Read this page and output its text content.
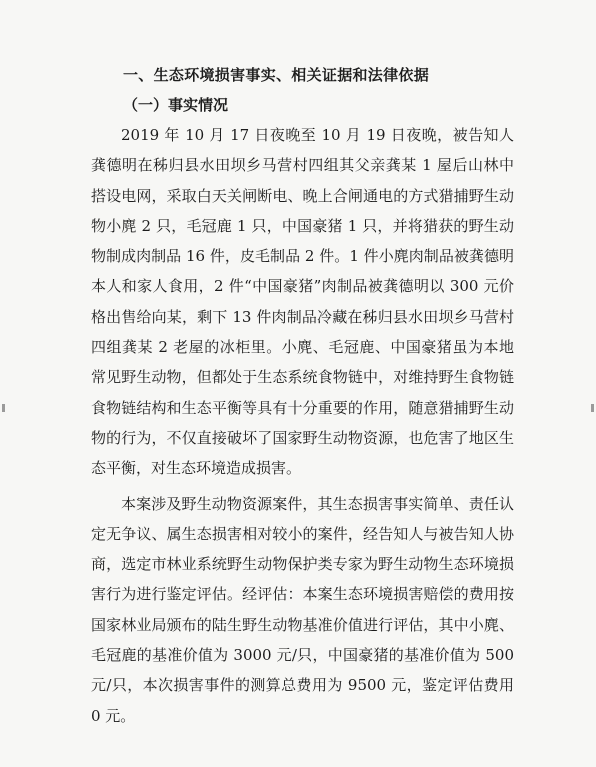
一、生态环境损害事实、相关证据和法律依据
（一）事实情况

2019 年 10 月 17 日夜晚至 10 月 19 日夜晚，被告知人龚德明在秭归县水田坝乡马营村四组其父亲龚某 1 屋后山林中搭设电网，采取白天关闸断电、晚上合闸通电的方式猎捕野生动物小麂 2 只，毛冠鹿 1 只，中国豪猪 1 只，并将猎获的野生动物制成肉制品 16 件，皮毛制品 2 件。1 件小麂肉制品被龚德明本人和家人食用，2 件“中国豪猪”肉制品被龚德明以 300 元价格出售给向某，剩下 13 件肉制品冷藏在秭归县水田坝乡马营村四组龚某 2 老屋的冰柜里。小麂、毛冠鹿、中国豪猪虽为本地常见野生动物，但都处于生态系统食物链中，对维持野生食物链食物链结构和生态平衡等具有十分重要的作用，随意猎捕野生动物的行为，不仅直接破坏了国家野生动物资源，也危害了地区生态平衡，对生态环境造成损害。

本案涉及野生动物资源案件，其生态损害事实简单、责任认定无争议、属生态损害相对较小的案件，经告知人与被告知人协商，选定市林业系统野生动物保护类专家为野生动物生态环境损害行为进行鉴定评估。经评估：本案生态环境损害赔偿的费用按国家林业局颁布的陆生野生动物基准价值进行评估，其中小麂、毛冠鹿的基准价值为 3000 元/只，中国豪猪的基准价值为 500 元/只，本次损害事件的测算总费用为 9500 元，鉴定评估费用 0 元。
